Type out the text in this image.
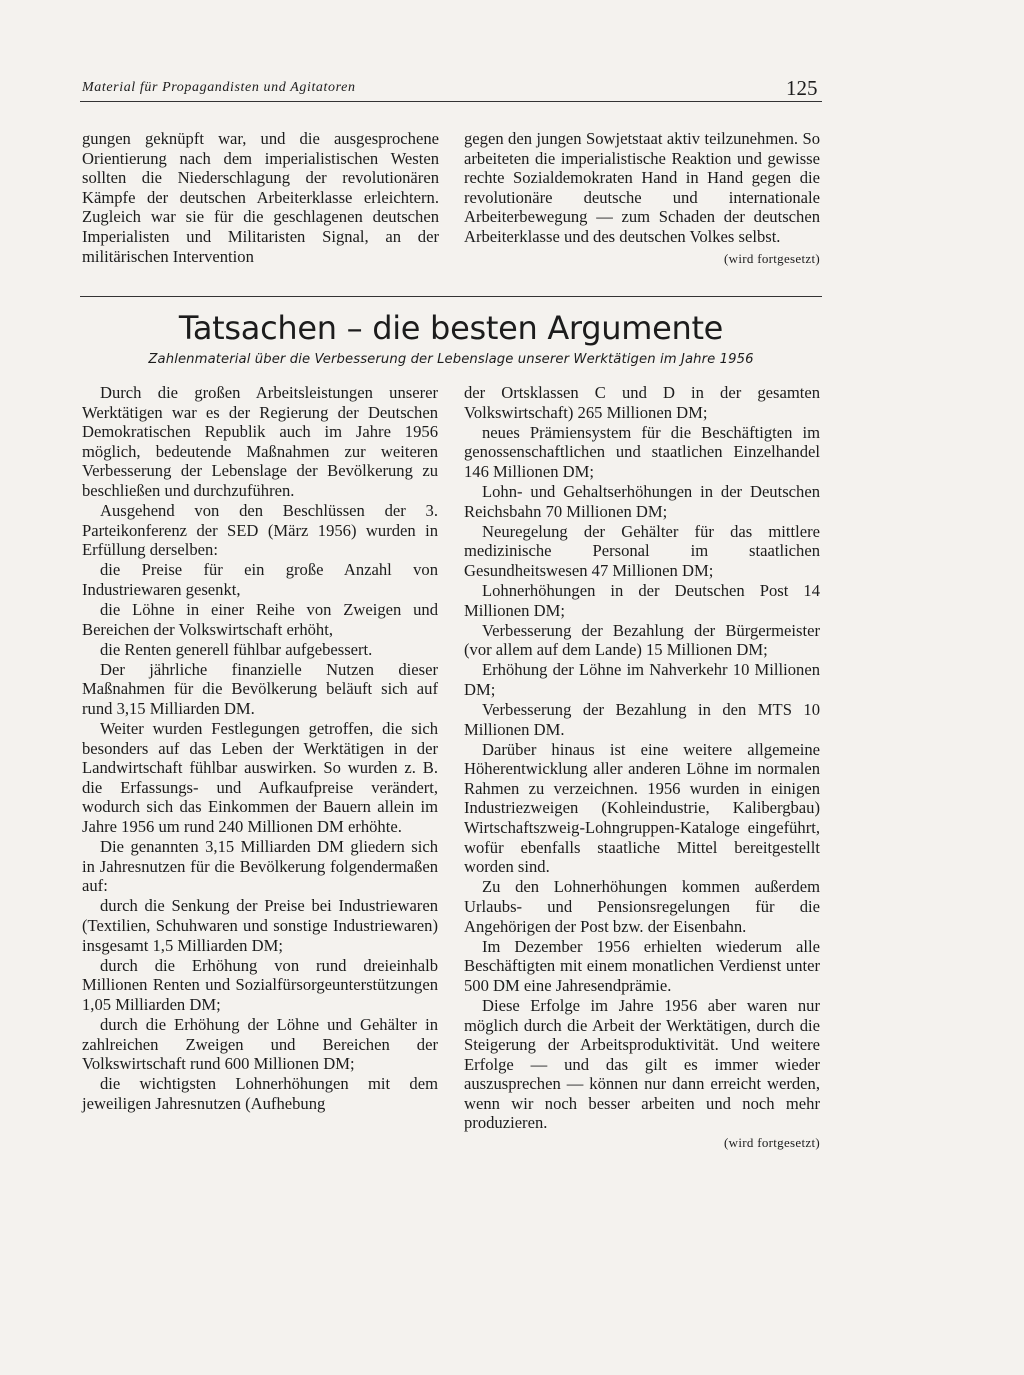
Material für Propagandisten und Agitatoren	125

gungen geknüpft war, und die ausgesprochene Orientierung nach dem imperialistischen Westen sollten die Niederschlagung der revolutionären Kämpfe der deutschen Arbeiterklasse erleichtern. Zugleich war sie für die geschlagenen deutschen Imperialisten und Militaristen Signal, an der militärischen Intervention

gegen den jungen Sowjetstaat aktiv teilzunehmen. So arbeiteten die imperialistische Reaktion und gewisse rechte Sozialdemokraten Hand in Hand gegen die revolutionäre deutsche und internationale Arbeiterbewegung — zum Schaden der deutschen Arbeiterklasse und des deutschen Volkes selbst.
(wird fortgesetzt)

Tatsachen – die besten Argumente
Zahlenmaterial über die Verbesserung der Lebenslage unserer Werktätigen im Jahre 1956

Durch die großen Arbeitsleistungen unserer Werktätigen war es der Regierung der Deutschen Demokratischen Republik auch im Jahre 1956 möglich, bedeutende Maßnahmen zur weiteren Verbesserung der Lebenslage der Bevölkerung zu beschließen und durchzuführen.

Ausgehend von den Beschlüssen der 3. Parteikonferenz der SED (März 1956) wurden in Erfüllung derselben:

die Preise für ein große Anzahl von Industriewaren gesenkt,

die Löhne in einer Reihe von Zweigen und Bereichen der Volkswirtschaft erhöht,

die Renten generell fühlbar aufgebessert.

Der jährliche finanzielle Nutzen dieser Maßnahmen für die Bevölkerung beläuft sich auf rund 3,15 Milliarden DM.

Weiter wurden Festlegungen getroffen, die sich besonders auf das Leben der Werktätigen in der Landwirtschaft fühlbar auswirken. So wurden z. B. die Erfassungs- und Aufkaufpreise verändert, wodurch sich das Einkommen der Bauern allein im Jahre 1956 um rund 240 Millionen DM erhöhte.

Die genannten 3,15 Milliarden DM gliedern sich in Jahresnutzen für die Bevölkerung folgendermaßen auf:

durch die Senkung der Preise bei Industriewaren (Textilien, Schuhwaren und sonstige Industriewaren) insgesamt 1,5 Milliarden DM;

durch die Erhöhung von rund dreieinhalb Millionen Renten und Sozialfürsorgeunterstützungen 1,05 Milliarden DM;

durch die Erhöhung der Löhne und Gehälter in zahlreichen Zweigen und Bereichen der Volkswirtschaft rund 600 Millionen DM;

die wichtigsten Lohnerhöhungen mit dem jeweiligen Jahresnutzen (Aufhebung

der Ortsklassen C und D in der gesamten Volkswirtschaft) 265 Millionen DM;

neues Prämiensystem für die Beschäftigten im genossenschaftlichen und staatlichen Einzelhandel 146 Millionen DM;

Lohn- und Gehaltserhöhungen in der Deutschen Reichsbahn 70 Millionen DM;

Neuregelung der Gehälter für das mittlere medizinische Personal im staatlichen Gesundheitswesen 47 Millionen DM;

Lohnerhöhungen in der Deutschen Post 14 Millionen DM;

Verbesserung der Bezahlung der Bürgermeister (vor allem auf dem Lande) 15 Millionen DM;

Erhöhung der Löhne im Nahverkehr 10 Millionen DM;

Verbesserung der Bezahlung in den MTS 10 Millionen DM.

Darüber hinaus ist eine weitere allgemeine Höherentwicklung aller anderen Löhne im normalen Rahmen zu verzeichnen. 1956 wurden in einigen Industriezweigen (Kohleindustrie, Kalibergbau) Wirtschaftszweig-Lohngruppen-Kataloge eingeführt, wofür ebenfalls staatliche Mittel bereitgestellt worden sind.

Zu den Lohnerhöhungen kommen außerdem Urlaubs- und Pensionsregelungen für die Angehörigen der Post bzw. der Eisenbahn.

Im Dezember 1956 erhielten wiederum alle Beschäftigten mit einem monatlichen Verdienst unter 500 DM eine Jahresendprämie.

Diese Erfolge im Jahre 1956 aber waren nur möglich durch die Arbeit der Werktätigen, durch die Steigerung der Arbeitsproduktivität. Und weitere Erfolge — und das gilt es immer wieder auszusprechen — können nur dann erreicht werden, wenn wir noch besser arbeiten und noch mehr produzieren.

(wird fortgesetzt)
